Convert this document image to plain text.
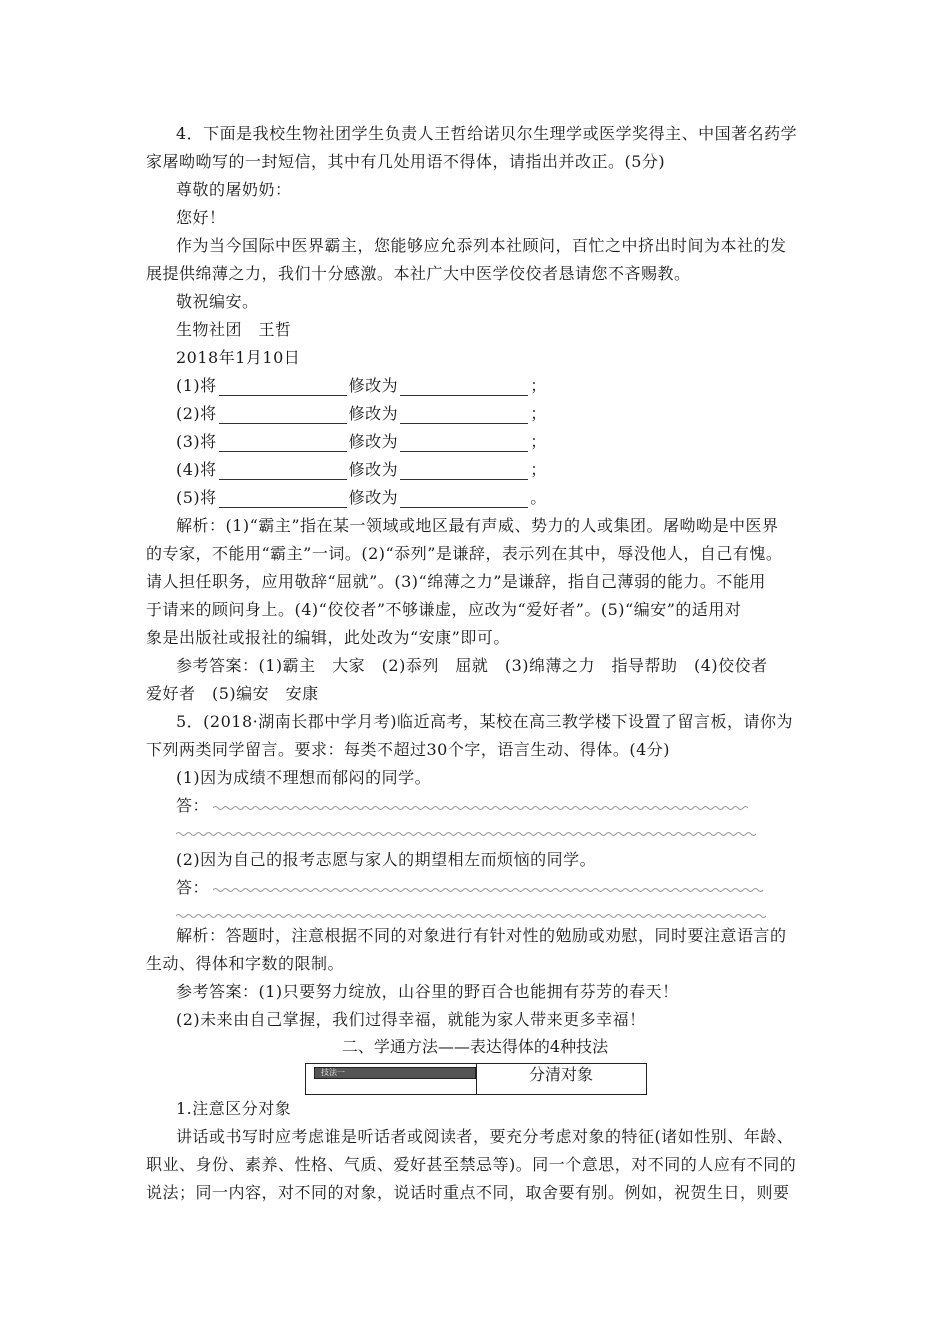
4．下面是我校生物社团学生负责人王哲给诺贝尔生理学或医学奖得主、中国著名药学
家屠呦呦写的一封短信，其中有几处用语不得体，请指出并改正。(5分)
尊敬的屠奶奶：
您好！
作为当今国际中医界霸主，您能够应允忝列本社顾问，百忙之中挤出时间为本社的发
展提供绵薄之力，我们十分感激。本社广大中医学佼佼者恳请您不吝赐教。
敬祝编安。
生物社团　王哲
2018年1月10日
(1)将	修改为	；
(2)将	修改为	；
(3)将	修改为	；
(4)将	修改为	；
(5)将	修改为	。
解析：(1)“霸主”指在某一领域或地区最有声威、势力的人或集团。屠呦呦是中医界
的专家，不能用“霸主”一词。(2)“忝列”是谦辞，表示列在其中，辱没他人，自己有愧。
请人担任职务，应用敬辞“屈就”。(3)“绵薄之力”是谦辞，指自己薄弱的能力。不能用
于请来的顾问身上。(4)“佼佼者”不够谦虚，应改为“爱好者”。(5)“编安”的适用对
象是出版社或报社的编辑，此处改为“安康”即可。
参考答案：(1)霸主　大家　(2)忝列　屈就　(3)绵薄之力　指导帮助　(4)佼佼者
爱好者　(5)编安　安康
5．(2018·湖南长郡中学月考)临近高考，某校在高三教学楼下设置了留言板，请你为
下列两类同学留言。要求：每类不超过30个字，语言生动、得体。(4分)
(1)因为成绩不理想而郁闷的同学。
答：
(2)因为自己的报考志愿与家人的期望相左而烦恼的同学。
答：
解析：答题时，注意根据不同的对象进行有针对性的勉励或劝慰，同时要注意语言的
生动、得体和字数的限制。
参考答案：(1)只要努力绽放，山谷里的野百合也能拥有芬芳的春天！
(2)未来由自己掌握，我们过得幸福，就能为家人带来更多幸福！
二、学通方法——表达得体的4种技法
技法一	分清对象
1.注意区分对象
讲话或书写时应考虑谁是听话者或阅读者，要充分考虑对象的特征(诸如性别、年龄、
职业、身份、素养、性格、气质、爱好甚至禁忌等)。同一个意思，对不同的人应有不同的
说法；同一内容，对不同的对象，说话时重点不同，取舍要有别。例如，祝贺生日，则要
